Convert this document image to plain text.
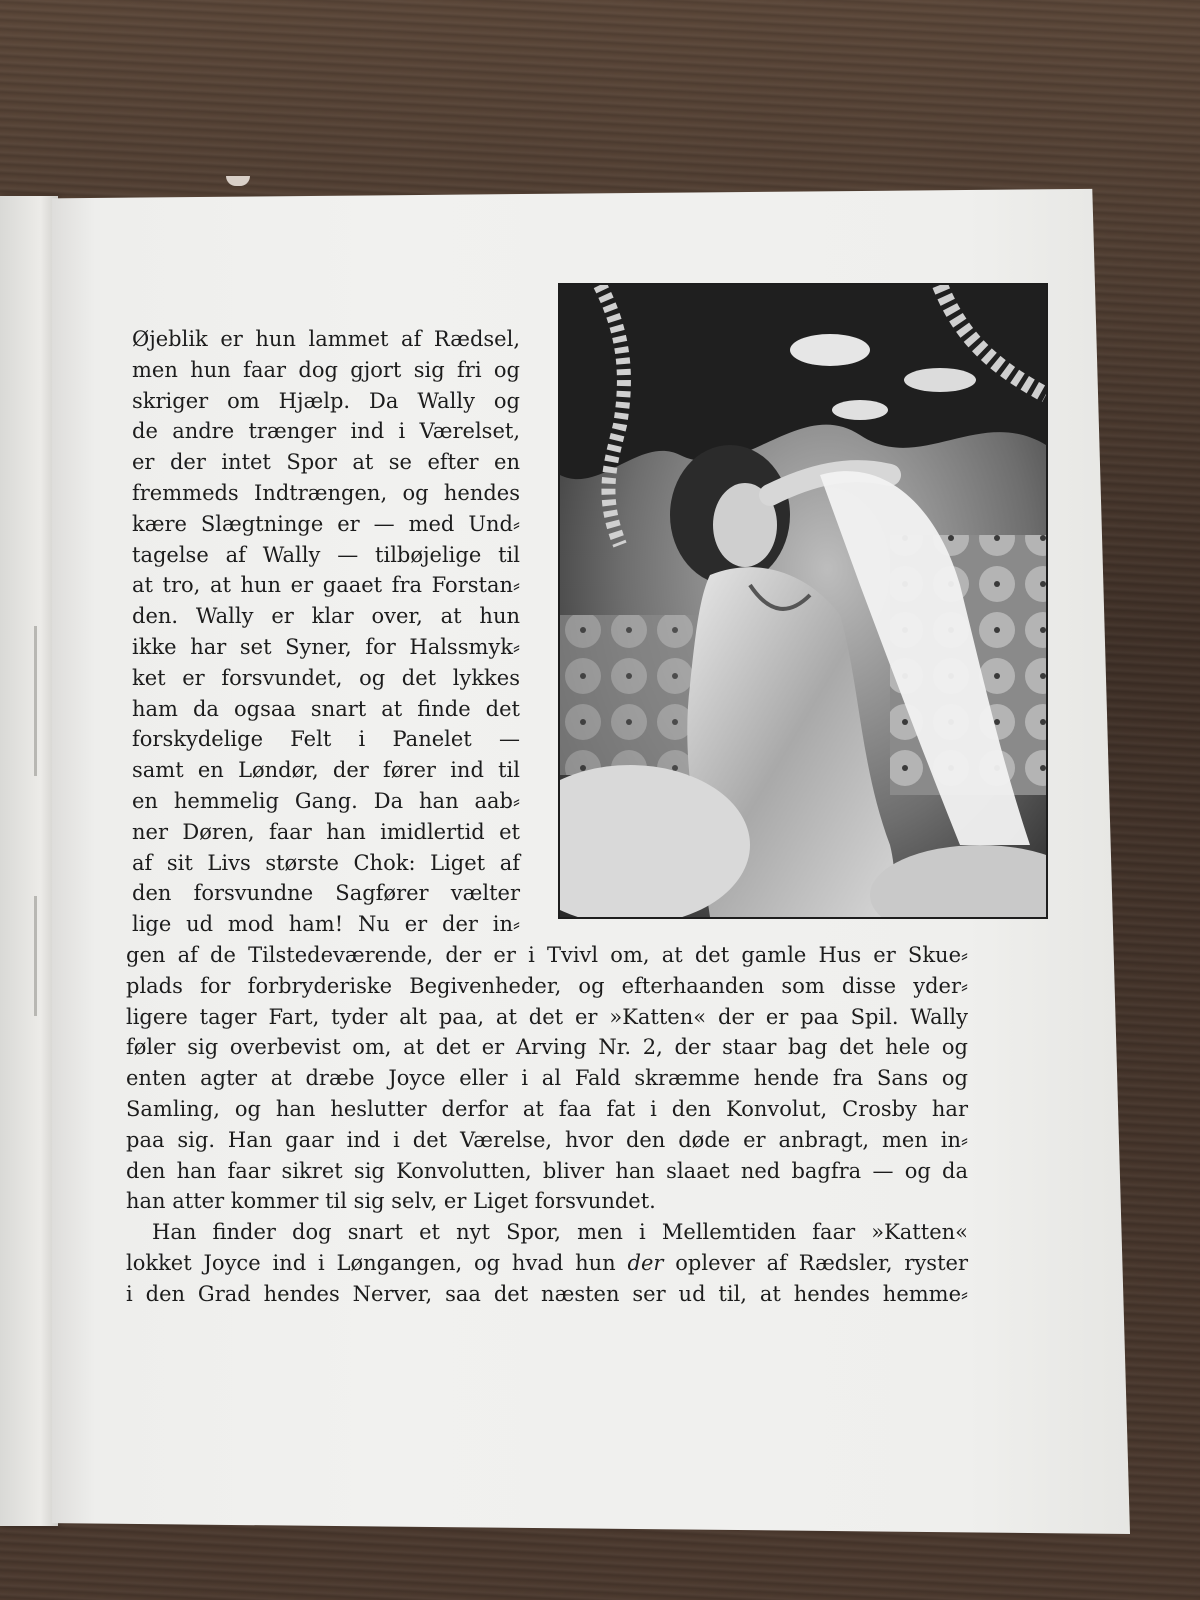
Øjeblik er hun lammet af Rædsel,
men hun faar dog gjort sig fri og
skriger om Hjælp. Da Wally og
de andre trænger ind i Værelset,
er der intet Spor at se efter en
fremmeds Indtrængen, og hendes
kære Slægtninge er — med Und⸗
tagelse af Wally — tilbøjelige til
at tro, at hun er gaaet fra Forstan⸗
den. Wally er klar over, at hun
ikke har set Syner, for Halssmyk⸗
ket er forsvundet, og det lykkes
ham da ogsaa snart at finde det
forskydelige Felt i Panelet —
samt en Løndør, der fører ind til
en hemmelig Gang. Da han aab⸗
ner Døren, faar han imidlertid et
af sit Livs største Chok: Liget af
den forsvundne Sagfører vælter
lige ud mod ham! Nu er der in⸗
gen af de Tilstedeværende, der er i Tvivl om, at det gamle Hus er Skue⸗
plads for forbryderiske Begivenheder, og efterhaanden som disse yder⸗
ligere tager Fart, tyder alt paa, at det er »Katten« der er paa Spil. Wally
føler sig overbevist om, at det er Arving Nr. 2, der staar bag det hele og
enten agter at dræbe Joyce eller i al Fald skræmme hende fra Sans og
Samling, og han heslutter derfor at faa fat i den Konvolut, Crosby har
paa sig. Han gaar ind i det Værelse, hvor den døde er anbragt, men in⸗
den han faar sikret sig Konvolutten, bliver han slaaet ned bagfra — og da
han atter kommer til sig selv, er Liget forsvundet.
Han finder dog snart et nyt Spor, men i Mellemtiden faar »Katten«
lokket Joyce ind i Løngangen, og hvad hun der oplever af Rædsler, ryster
i den Grad hendes Nerver, saa det næsten ser ud til, at hendes hemme⸗
